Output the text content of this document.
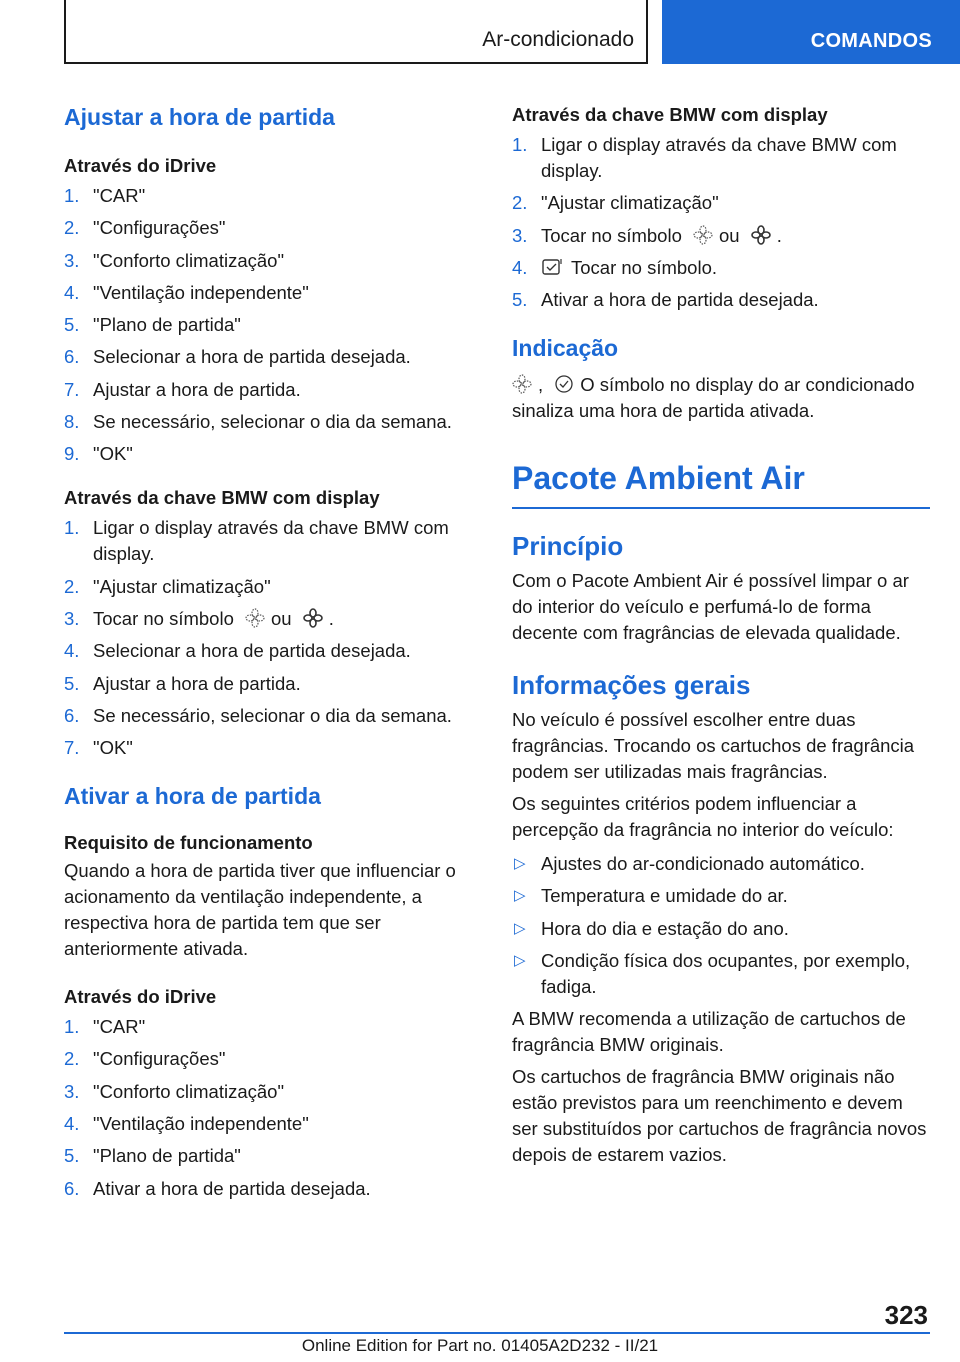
Ar-condicionado	COMANDOS
Ajustar a hora de partida

Através do iDrive

1. "CAR"
2. "Configurações"
3. "Conforto climatização"
4. "Ventilação independente"
5. "Plano de partida"
6. Selecionar a hora de partida desejada.
7. Ajustar a hora de partida.
8. Se necessário, selecionar o dia da semana.
9. "OK"

Através da chave BMW com display

1. Ligar o display através da chave BMW com display.
2. "Ajustar climatização"
3. Tocar no símbolo ou .
4. Selecionar a hora de partida desejada.
5. Ajustar a hora de partida.
6. Se necessário, selecionar o dia da semana.
7. "OK"
Ativar a hora de partida

Requisito de funcionamento

Quando a hora de partida tiver que influenciar o acionamento da ventilação independente, a respectiva hora de partida tem que ser anteriormente ativada.

Através do iDrive

1. "CAR"
2. "Configurações"
3. "Conforto climatização"
4. "Ventilação independente"
5. "Plano de partida"
6. Ativar a hora de partida desejada.

Através da chave BMW com display

1. Ligar o display através da chave BMW com display.
2. "Ajustar climatização"
3. Tocar no símbolo ou .
4. Tocar no símbolo.
5. Ativar a hora de partida desejada.
Indicação

, O símbolo no display do ar condicionado sinaliza uma hora de partida ativada.

Pacote Ambient Air
Princípio

Com o Pacote Ambient Air é possível limpar o ar do interior do veículo e perfumá-lo de forma decente com fragrâncias de elevada qualidade.

Informações gerais

No veículo é possível escolher entre duas fragrâncias. Trocando os cartuchos de fragrância podem ser utilizadas mais fragrâncias.

Os seguintes critérios podem influenciar a percepção da fragrância no interior do veículo:

▷ Ajustes do ar-condicionado automático.
▷ Temperatura e umidade do ar.
▷ Hora do dia e estação do ano.
▷ Condição física dos ocupantes, por exemplo, fadiga.

A BMW recomenda a utilização de cartuchos de fragrância BMW originais.

Os cartuchos de fragrância BMW originais não estão previstos para um reenchimento e devem ser substituídos por cartuchos de fragrância novos depois de estarem vazios.

323
Online Edition for Part no. 01405A2D232 - II/21
